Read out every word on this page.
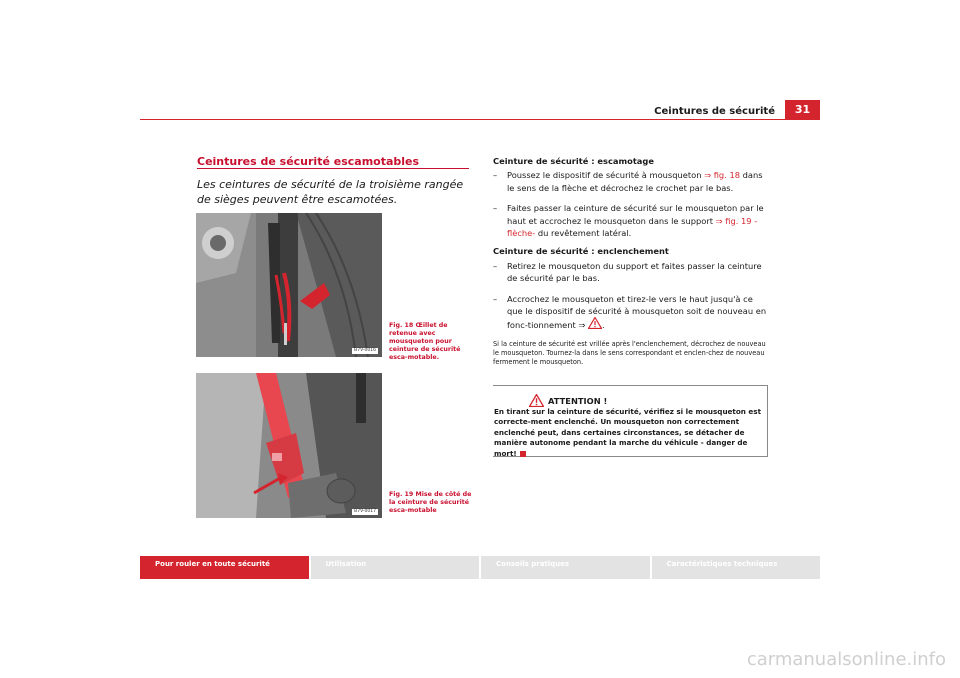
Ceintures de sécurité	31
Ceintures de sécurité escamotables
Les ceintures de sécurité de la troisième rangée de sièges peuvent être escamotées.
B7V-0016
Fig. 18 Œillet de retenue avec mousqueton pour ceinture de sécurité esca-motable.
B7V-0017
Fig. 19 Mise de côté de la ceinture de sécurité esca-motable
Ceinture de sécurité : escamotage
– Poussez le dispositif de sécurité à mousqueton ⇒ fig. 18 dans le sens de la flèche et décrochez le crochet par le bas.
– Faites passer la ceinture de sécurité sur le mousqueton par le haut et accrochez le mousqueton dans le support ⇒ fig. 19 -flèche- du revêtement latéral.
Ceinture de sécurité : enclenchement
– Retirez le mousqueton du support et faites passer la ceinture de sécurité par le bas.
– Accrochez le mousqueton et tirez-le vers le haut jusqu'à ce que le dispositif de sécurité à mousqueton soit de nouveau en fonc-tionnement ⇒ .
Si la ceinture de sécurité est vrillée après l'enclenchement, décrochez de nouveau le mousqueton. Tournez-la dans le sens correspondant et enclen-chez de nouveau fermement le mousqueton.
ATTENTION !
En tirant sur la ceinture de sécurité, vérifiez si le mousqueton est correcte-ment enclenché. Un mousqueton non correctement enclenché peut, dans certaines circonstances, se détacher de manière autonome pendant la marche du véhicule - danger de mort!
Pour rouler en toute sécurité	Utilisation	Conseils pratiques	Caractéristiques techniques
carmanualsonline.info
